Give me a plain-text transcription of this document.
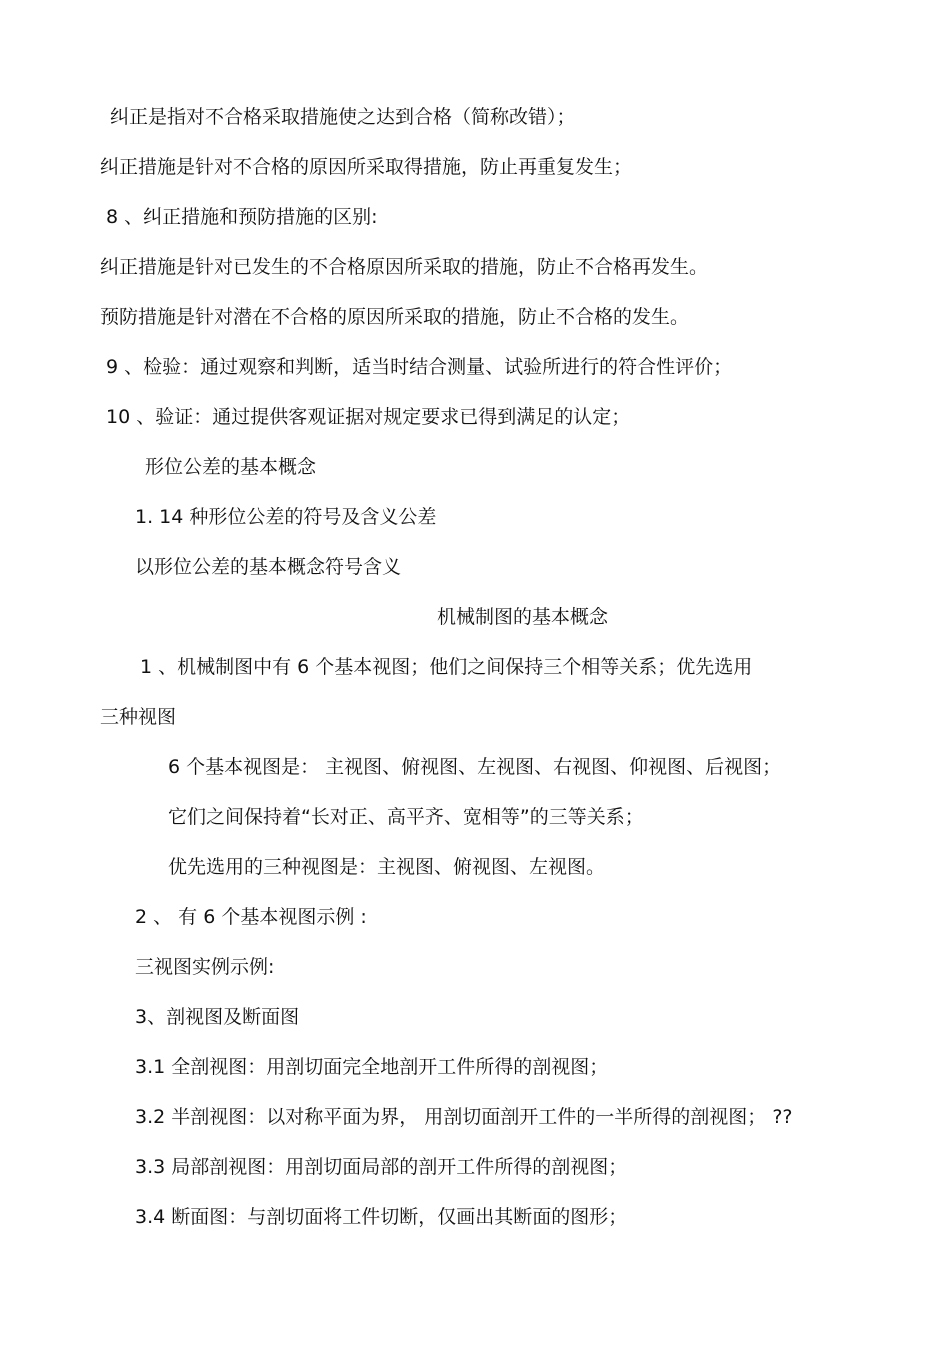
纠正是指对不合格采取措施使之达到合格（简称改错）；
纠正措施是针对不合格的原因所采取得措施，防止再重复发生；
8 、纠正措施和预防措施的区别:
纠正措施是针对已发生的不合格原因所采取的措施，防止不合格再发生。
预防措施是针对潜在不合格的原因所采取的措施，防止不合格的发生。
9 、检验：通过观察和判断，适当时结合测量、试验所进行的符合性评价；
10 、验证：通过提供客观证据对规定要求已得到满足的认定；
形位公差的基本概念
1. 14 种形位公差的符号及含义公差
以形位公差的基本概念符号含义
机械制图的基本概念
1 、机械制图中有 6 个基本视图；他们之间保持三个相等关系；优先选用
三种视图
6 个基本视图是： 主视图、俯视图、左视图、右视图、仰视图、后视图；
它们之间保持着“长对正、高平齐、宽相等”的三等关系；
优先选用的三种视图是：主视图、俯视图、左视图。
2 、 有 6 个基本视图示例 :
三视图实例示例:
3、剖视图及断面图
3.1 全剖视图：用剖切面完全地剖开工件所得的剖视图；
3.2 半剖视图：以对称平面为界， 用剖切面剖开工件的一半所得的剖视图； ??
3.3 局部剖视图：用剖切面局部的剖开工件所得的剖视图；
3.4 断面图：与剖切面将工件切断，仅画出其断面的图形；
